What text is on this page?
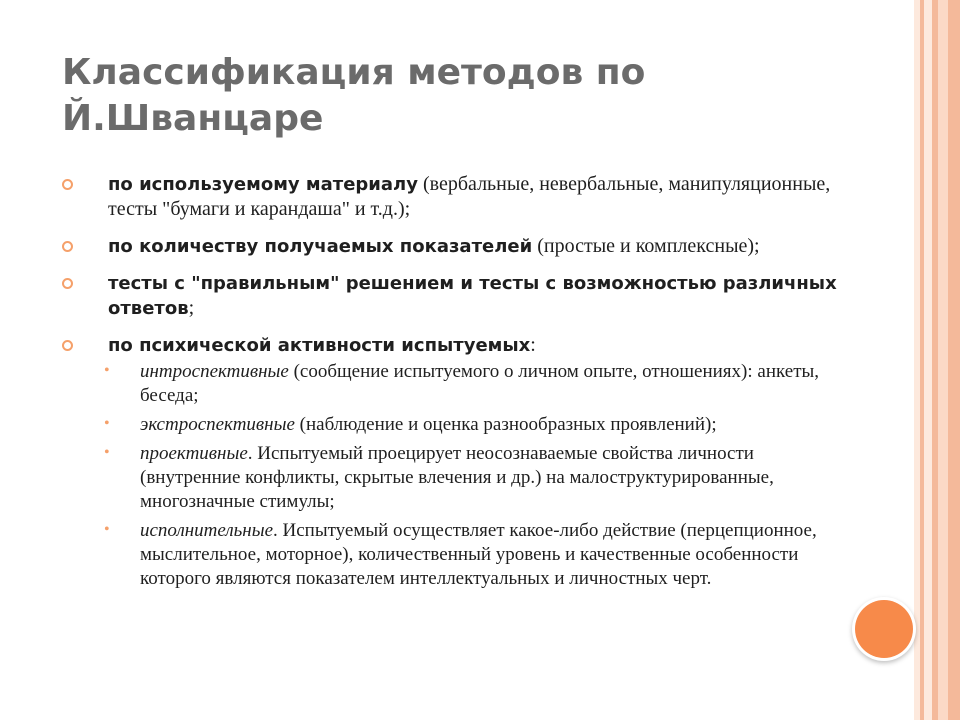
Классификация методов по Й.Шванцаре
по используемому материалу (вербальные, невербальные, манипуляционные, тесты "бумаги и карандаша" и т.д.);
по количеству получаемых показателей (простые и комплексные);
тесты с "правильным" решением и тесты с возможностью различных ответов;
по психической активности испытуемых:
• интроспективные (сообщение испытуемого о личном опыте, отношениях): анкеты, беседа;
• экстроспективные (наблюдение и оценка разнообразных проявлений);
• проективные. Испытуемый проецирует неосознаваемые свойства личности (внутренние конфликты, скрытые влечения и др.) на малоструктурированные, многозначные стимулы;
• исполнительные. Испытуемый осуществляет какое-либо действие (перцепционное, мыслительное, моторное), количественный уровень и качественные особенности которого являются показателем интеллектуальных и личностных черт.
